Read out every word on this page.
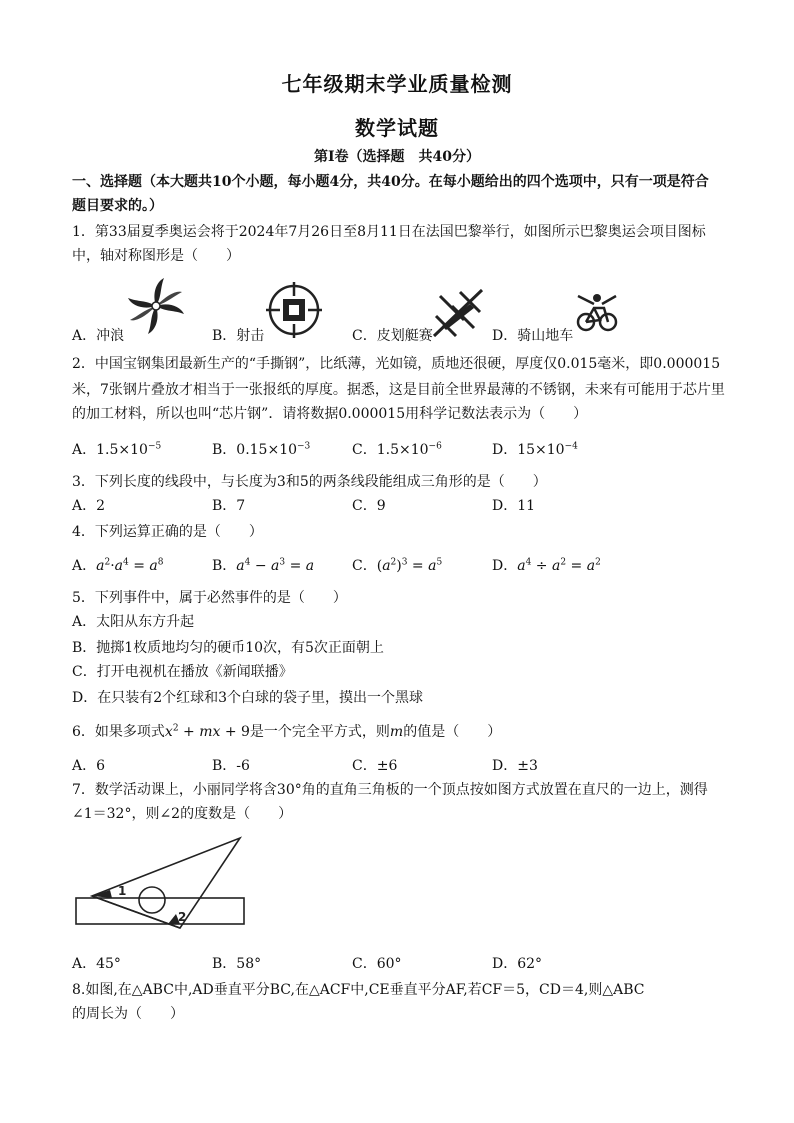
七年级期末学业质量检测
数学试题
第Ⅰ卷（选择题　共40分）
一、选择题（本大题共10个小题，每小题4分，共40分。在每小题给出的四个选项中，只有一项是符合
题目要求的。）
1．第33届夏季奥运会将于2024年7月26日至8月11日在法国巴黎举行，如图所示巴黎奥运会项目图标
中，轴对称图形是（　　）
A．冲浪	B．射击	C．皮划艇赛	D．骑山地车
2．中国宝钢集团最新生产的“手撕钢”，比纸薄，光如镜，质地还很硬，厚度仅0.015毫米，即0.000015
米，7张钢片叠放才相当于一张报纸的厚度。据悉，这是目前全世界最薄的不锈钢，未来有可能用于芯片里
的加工材料，所以也叫“芯片钢”．请将数据0.000015用科学记数法表示为（　　）
A．$1.5\times 10^{-5}$	B．$0.15\times 10^{-3}$	C．$1.5\times 10^{-6}$	D．$15\times 10^{-4}$
3．下列长度的线段中，与长度为3和5的两条线段能组成三角形的是（　　）
A．2	B．7	C．9	D．11
4．下列运算正确的是（　　）
A．$a^2\cdot a^4 = a^8$	B．$a^4 - a^3 = a$	C．$(a^2)^3 = a^5$	D．$a^4 \div a^2 = a^2$
5．下列事件中，属于必然事件的是（　　）
A．太阳从东方升起
B．抛掷1枚质地均匀的硬币10次，有5次正面朝上
C．打开电视机在播放《新闻联播》
D．在只装有2个红球和3个白球的袋子里，摸出一个黑球
6．如果多项式$x^2$ + mx + 9是一个完全平方式，则m的值是（　　）
A．6	B．-6	C．±6	D．±3
7．数学活动课上，小丽同学将含30°角的直角三角板的一个顶点按如图方式放置在直尺的一边上，测得
∠1＝32°，则∠2的度数是（　　）
1
2
A．45°	B．58°	C．60°	D．62°
8.如图,在△ABC中,AD垂直平分BC,在△ACF中,CE垂直平分AF,若CF＝5，CD＝4,则△ABC
的周长为（　　）
